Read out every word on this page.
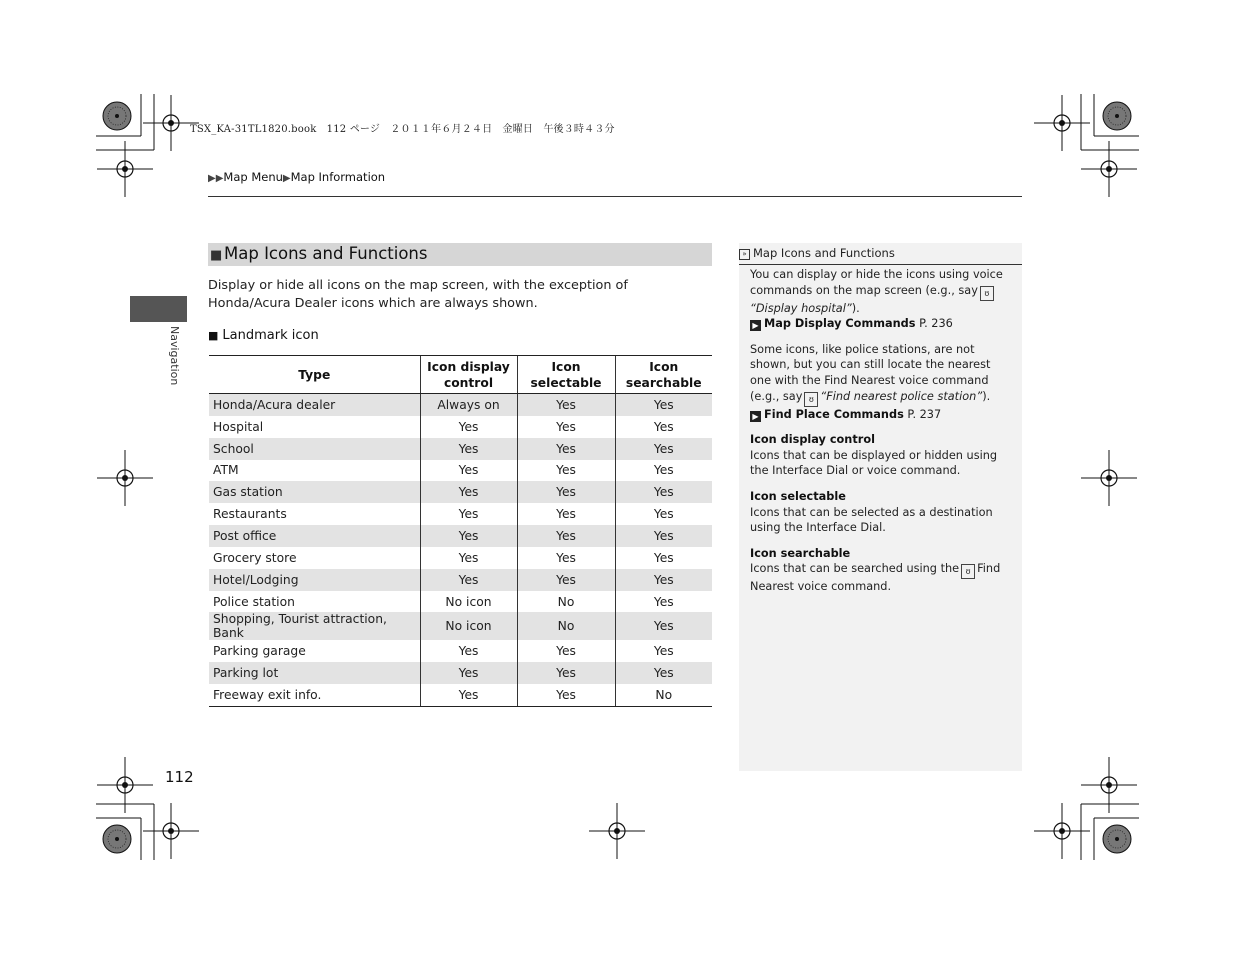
TSX_KA-31TL1820.book　112 ページ　２０１１年６月２４日　金曜日　午後３時４３分
▶▶Map Menu▶Map Information
Navigation
■ Map Icons and Functions
Display or hide all icons on the map screen, with the exception of Honda/Acura Dealer icons which are always shown.
■ Landmark icon
Type	Icon display control	Icon selectable	Icon searchable
Honda/Acura dealer	Always on	Yes	Yes
Hospital	Yes	Yes	Yes
School	Yes	Yes	Yes
ATM	Yes	Yes	Yes
Gas station	Yes	Yes	Yes
Restaurants	Yes	Yes	Yes
Post office	Yes	Yes	Yes
Grocery store	Yes	Yes	Yes
Hotel/Lodging	Yes	Yes	Yes
Police station	No icon	No	Yes
Shopping, Tourist attraction, Bank	No icon	No	Yes
Parking garage	Yes	Yes	Yes
Parking lot	Yes	Yes	Yes
Freeway exit info.	Yes	Yes	No
112
» Map Icons and Functions

You can display or hide the icons using voice commands on the map screen (e.g., say ʊ“Display hospital”).
▶ Map Display Commands P. 236

Some icons, like police stations, are not shown, but you can still locate the nearest one with the Find Nearest voice command (e.g., say ʊ “Find nearest police station”).
▶ Find Place Commands P. 237

Icon display control
Icons that can be displayed or hidden using the Interface Dial or voice command.

Icon selectable
Icons that can be selected as a destination using the Interface Dial.

Icon searchable
Icons that can be searched using the ʊ Find Nearest voice command.
